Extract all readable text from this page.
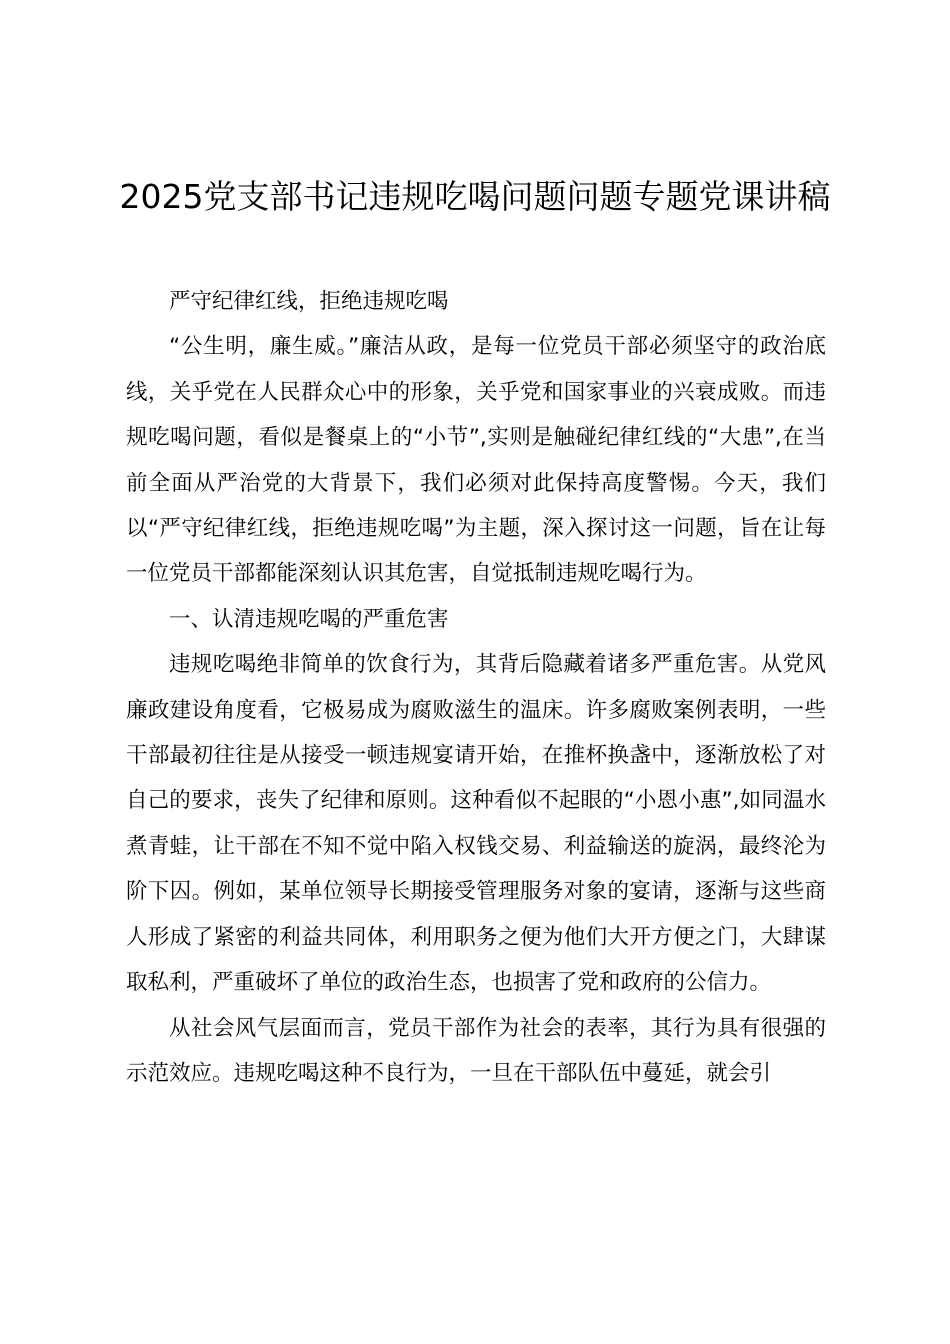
2025党支部书记违规吃喝问题问题专题党课讲稿

严守纪律红线，拒绝违规吃喝

“公生明，廉生威。”廉洁从政，是每一位党员干部必须坚守的政治底线，关乎党在人民群众心中的形象，关乎党和国家事业的兴衰成败。而违规吃喝问题，看似是餐桌上的“小节”,实则是触碰纪律红线的“大患”,在当前全面从严治党的大背景下，我们必须对此保持高度警惕。今天，我们以“严守纪律红线，拒绝违规吃喝”为主题，深入探讨这一问题，旨在让每一位党员干部都能深刻认识其危害，自觉抵制违规吃喝行为。

一、认清违规吃喝的严重危害

违规吃喝绝非简单的饮食行为，其背后隐藏着诸多严重危害。从党风廉政建设角度看，它极易成为腐败滋生的温床。许多腐败案例表明，一些干部最初往往是从接受一顿违规宴请开始，在推杯换盏中，逐渐放松了对自己的要求，丧失了纪律和原则。这种看似不起眼的“小恩小惠”,如同温水煮青蛙，让干部在不知不觉中陷入权钱交易、利益输送的旋涡，最终沦为阶下囚。例如，某单位领导长期接受管理服务对象的宴请，逐渐与这些商人形成了紧密的利益共同体，利用职务之便为他们大开方便之门，大肆谋取私利，严重破坏了单位的政治生态，也损害了党和政府的公信力。

从社会风气层面而言，党员干部作为社会的表率，其行为具有很强的示范效应。违规吃喝这种不良行为，一旦在干部队伍中蔓延，就会引
